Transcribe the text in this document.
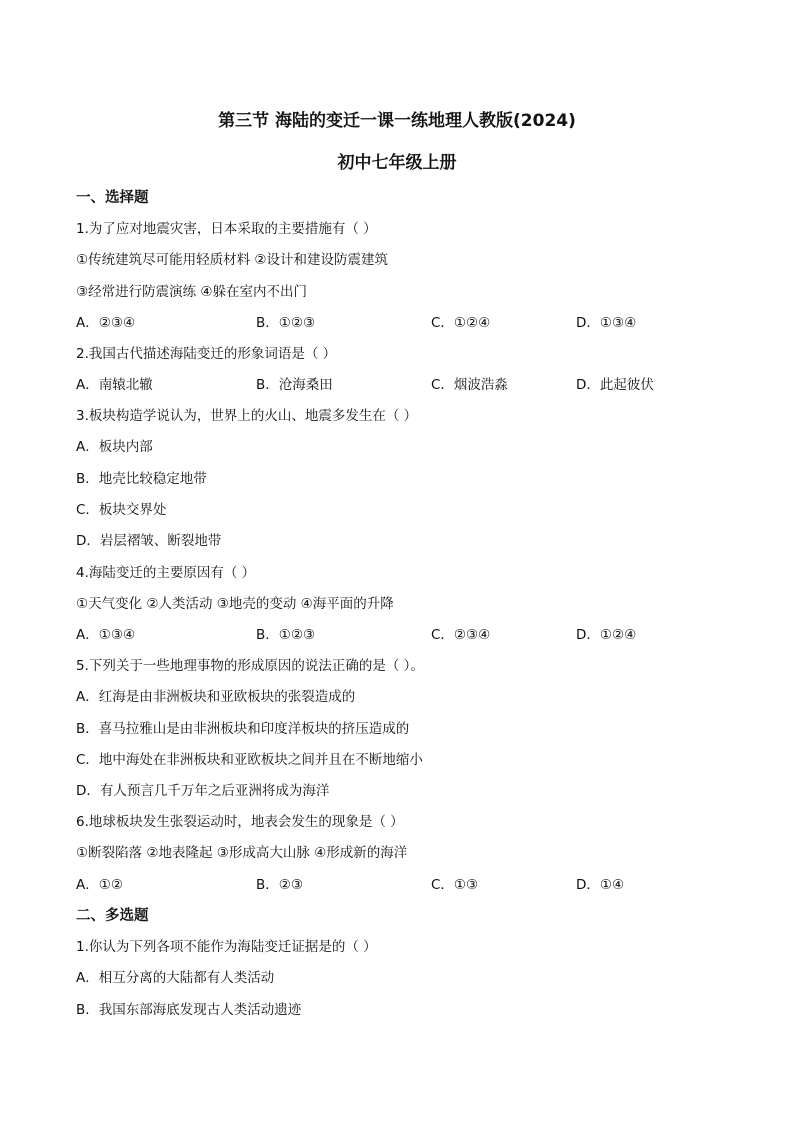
第三节 海陆的变迁一课一练地理人教版(2024)
初中七年级上册
一、选择题
1.为了应对地震灾害，日本采取的主要措施有（ ）
①传统建筑尽可能用轻质材料 ②设计和建设防震建筑
③经常进行防震演练 ④躲在室内不出门
A．②③④	B．①②③	C．①②④	D．①③④
2.我国古代描述海陆变迁的形象词语是（ ）
A．南辕北辙	B．沧海桑田	C．烟波浩淼	D．此起彼伏
3.板块构造学说认为，世界上的火山、地震多发生在（ ）
A．板块内部
B．地壳比较稳定地带
C．板块交界处
D．岩层褶皱、断裂地带
4.海陆变迁的主要原因有（ ）
①天气变化 ②人类活动 ③地壳的变动 ④海平面的升降
A．①③④	B．①②③	C．②③④	D．①②④
5.下列关于一些地理事物的形成原因的说法正确的是（ ）。
A．红海是由非洲板块和亚欧板块的张裂造成的
B．喜马拉雅山是由非洲板块和印度洋板块的挤压造成的
C．地中海处在非洲板块和亚欧板块之间并且在不断地缩小
D．有人预言几千万年之后亚洲将成为海洋
6.地球板块发生张裂运动时，地表会发生的现象是（ ）
①断裂陷落 ②地表隆起 ③形成高大山脉 ④形成新的海洋
A．①②	B．②③	C．①③	D．①④
二、多选题
1.你认为下列各项不能作为海陆变迁证据是的（ ）
A．相互分离的大陆都有人类活动
B．我国东部海底发现古人类活动遗迹
